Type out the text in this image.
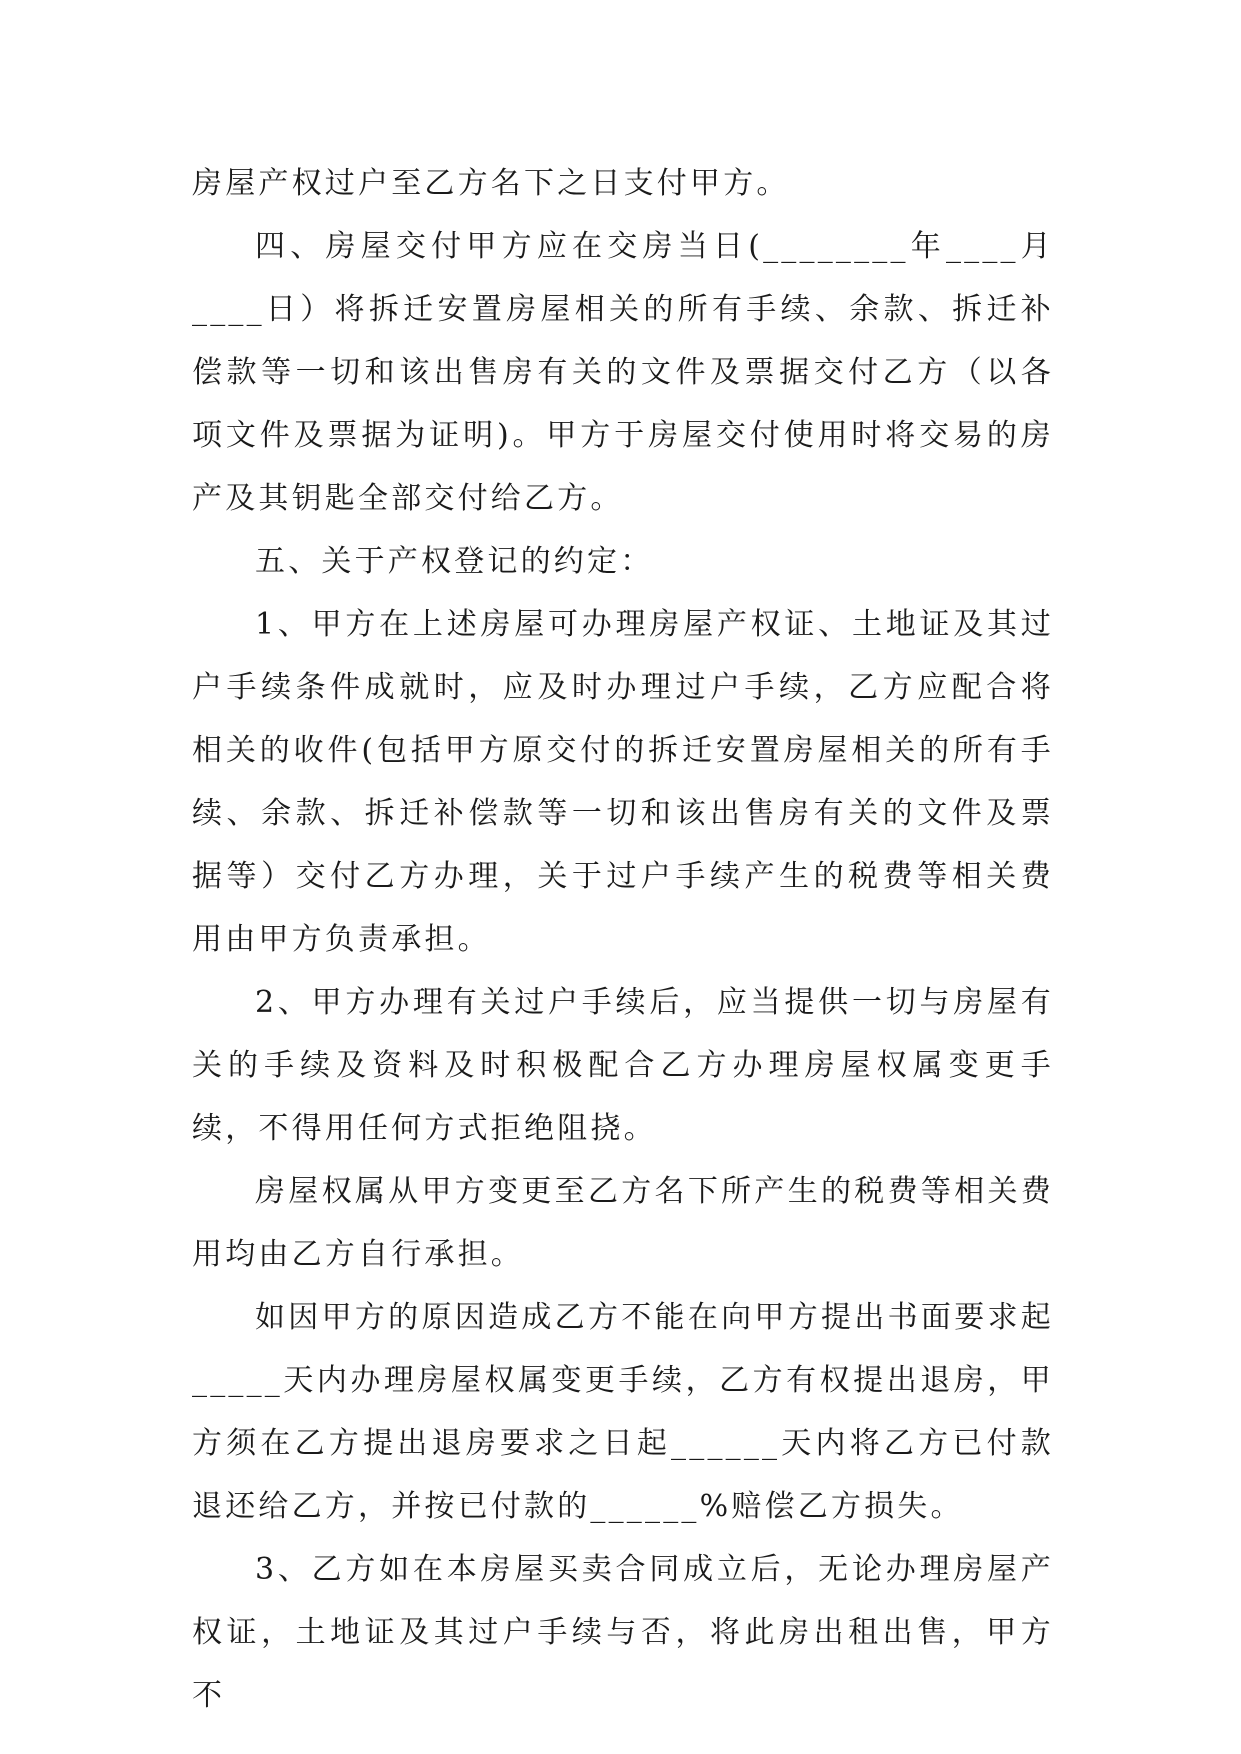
房屋产权过户至乙方名下之日支付甲方。

四、房屋交付甲方应在交房当日(________年____月____日）将拆迁安置房屋相关的所有手续、余款、拆迁补偿款等一切和该出售房有关的文件及票据交付乙方（以各项文件及票据为证明)。甲方于房屋交付使用时将交易的房产及其钥匙全部交付给乙方。

五、关于产权登记的约定：

1、甲方在上述房屋可办理房屋产权证、土地证及其过户手续条件成就时，应及时办理过户手续，乙方应配合将相关的收件(包括甲方原交付的拆迁安置房屋相关的所有手续、余款、拆迁补偿款等一切和该出售房有关的文件及票据等）交付乙方办理，关于过户手续产生的税费等相关费用由甲方负责承担。

2、甲方办理有关过户手续后，应当提供一切与房屋有关的手续及资料及时积极配合乙方办理房屋权属变更手续，不得用任何方式拒绝阻挠。

房屋权属从甲方变更至乙方名下所产生的税费等相关费用均由乙方自行承担。

如因甲方的原因造成乙方不能在向甲方提出书面要求起_____天内办理房屋权属变更手续，乙方有权提出退房，甲方须在乙方提出退房要求之日起______天内将乙方已付款退还给乙方，并按已付款的______%赔偿乙方损失。

3、乙方如在本房屋买卖合同成立后，无论办理房屋产权证，土地证及其过户手续与否，将此房出租出售，甲方不
